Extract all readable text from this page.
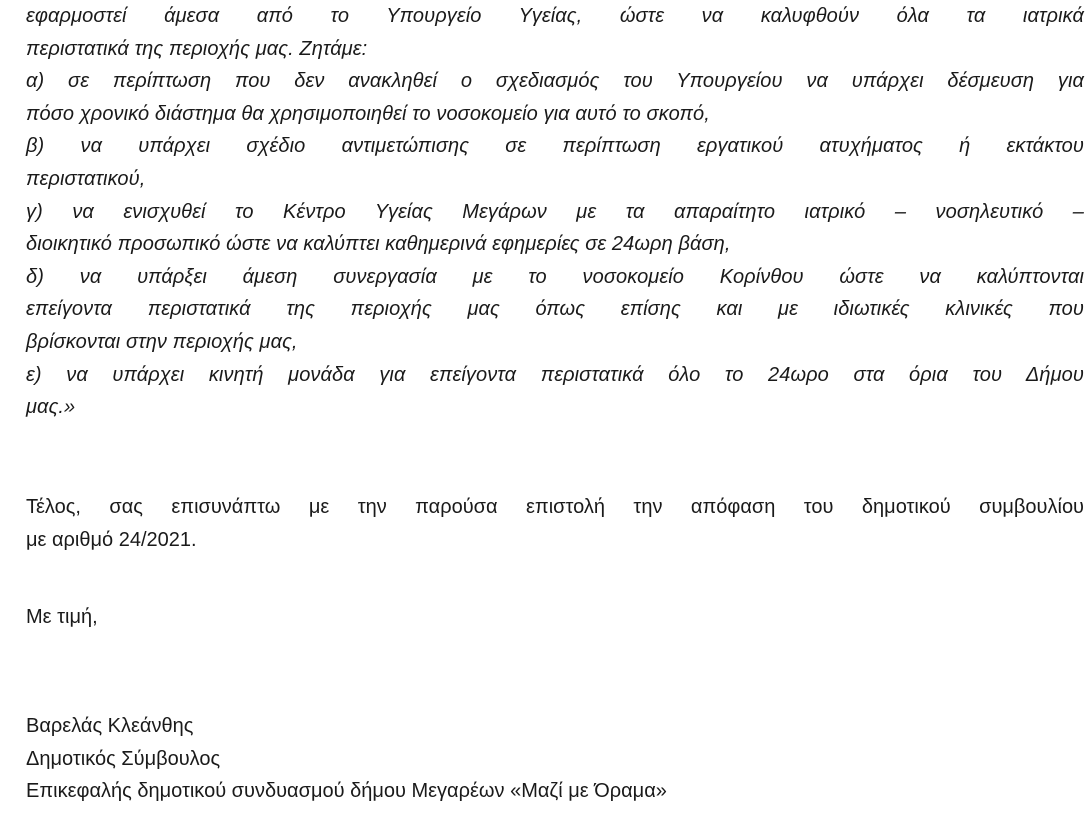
εφαρμοστεί άμεσα από το Υπουργείο Υγείας, ώστε να καλυφθούν όλα τα ιατρικά
περιστατικά της περιοχής μας. Ζητάμε:
α) σε περίπτωση που δεν ανακληθεί ο σχεδιασμός του Υπουργείου να υπάρχει δέσμευση για
πόσο χρονικό διάστημα θα χρησιμοποιηθεί το νοσοκομείο για αυτό το σκοπό,
β) να υπάρχει σχέδιο αντιμετώπισης σε περίπτωση εργατικού ατυχήματος ή εκτάκτου
περιστατικού,
γ) να ενισχυθεί το Κέντρο Υγείας Μεγάρων με τα απαραίτητο ιατρικό – νοσηλευτικό –
διοικητικό προσωπικό ώστε να καλύπτει καθημερινά εφημερίες σε 24ωρη βάση,
δ) να υπάρξει άμεση συνεργασία με το νοσοκομείο Κορίνθου ώστε να καλύπτονται
επείγοντα περιστατικά της περιοχής μας όπως επίσης και με ιδιωτικές κλινικές που
βρίσκονται στην περιοχής μας,
ε) να υπάρχει κινητή μονάδα για επείγοντα περιστατικά όλο το 24ωρο στα όρια του Δήμου
μας.»
Τέλος, σας επισυνάπτω με την παρούσα επιστολή την απόφαση του δημοτικού συμβουλίου
με αριθμό 24/2021.

Με τιμή,

Βαρελάς Κλεάνθης
Δημοτικός Σύμβουλος
Επικεφαλής δημοτικού συνδυασμού δήμου Μεγαρέων «Μαζί με Όραμα»
